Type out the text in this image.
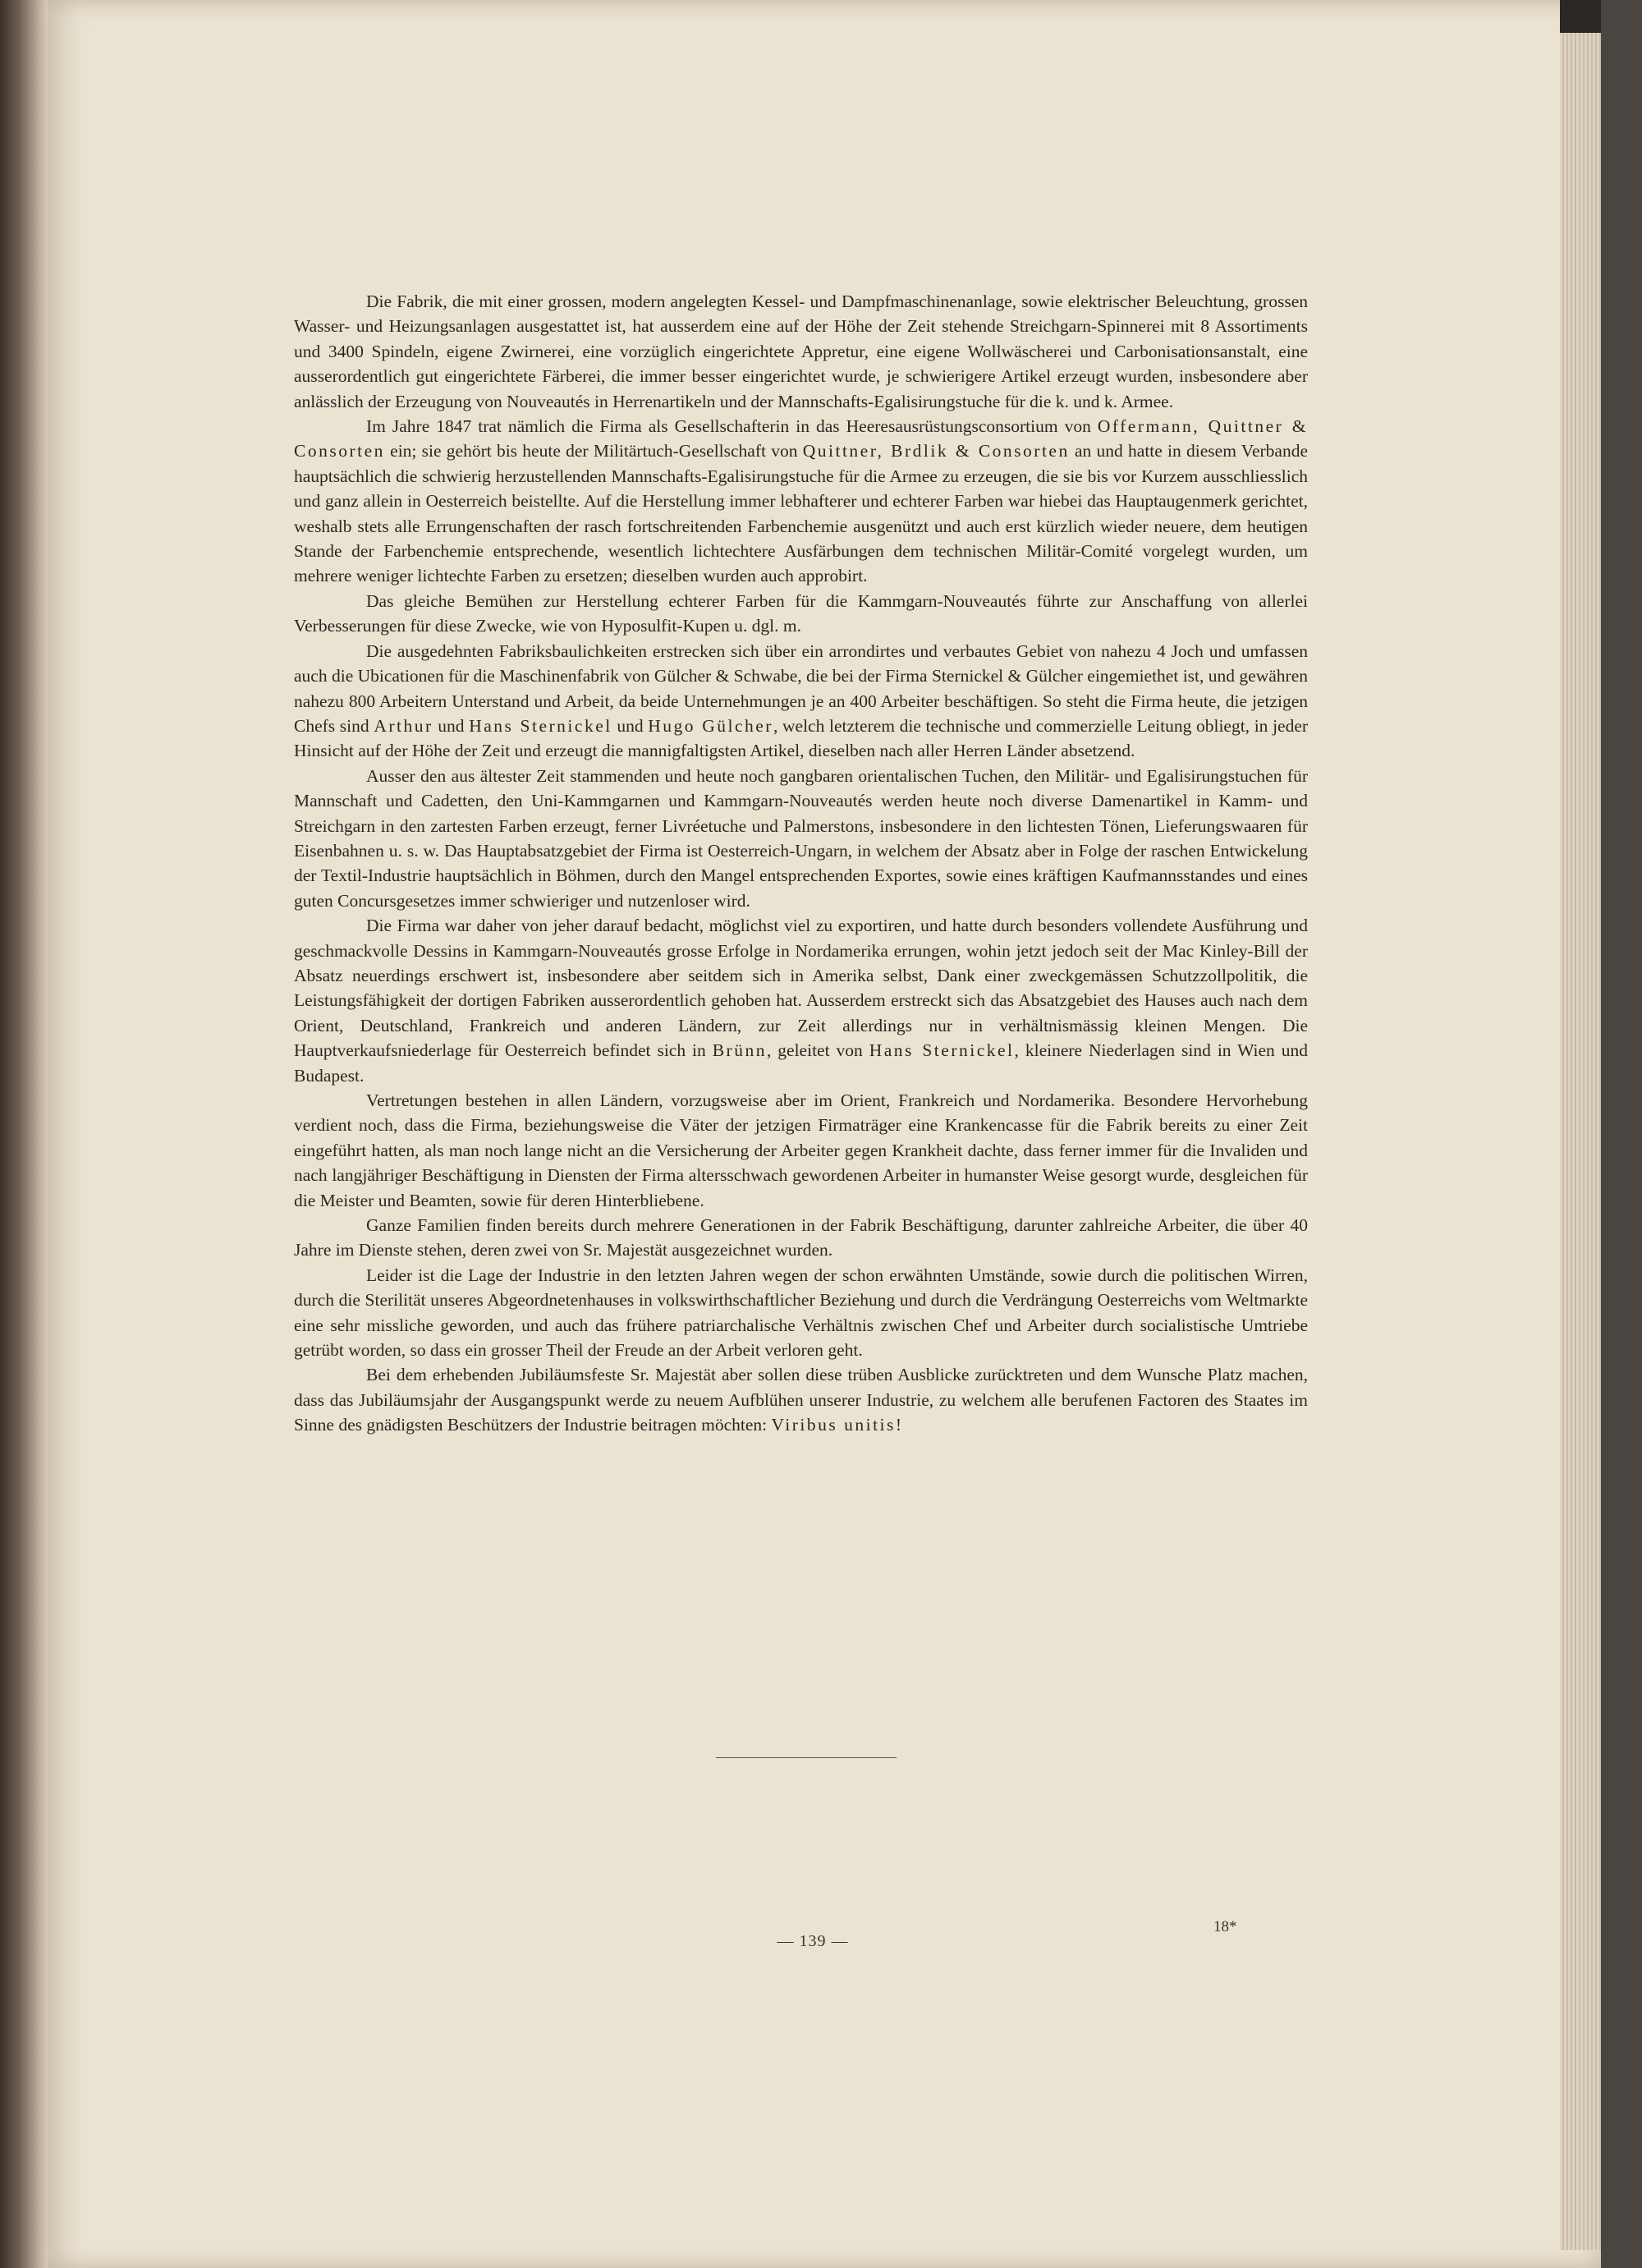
Die Fabrik, die mit einer grossen, modern angelegten Kessel- und Dampfmaschinenanlage, sowie elektrischer Beleuchtung, grossen Wasser- und Heizungsanlagen ausgestattet ist, hat ausserdem eine auf der Höhe der Zeit stehende Streichgarn-Spinnerei mit 8 Assortiments und 3400 Spindeln, eigene Zwirnerei, eine vorzüglich eingerichtete Appretur, eine eigene Wollwäscherei und Carbonisationsanstalt, eine ausserordentlich gut eingerichtete Färberei, die immer besser eingerichtet wurde, je schwierigere Artikel erzeugt wurden, insbesondere aber anlässlich der Erzeugung von Nouveautés in Herrenartikeln und der Mannschafts-Egalisirungstuche für die k. und k. Armee.

Im Jahre 1847 trat nämlich die Firma als Gesellschafterin in das Heeresausrüstungsconsortium von Offermann, Quittner & Consorten ein; sie gehört bis heute der Militärtuch-Gesellschaft von Quittner, Brdlik & Consorten an und hatte in diesem Verbande hauptsächlich die schwierig herzustellenden Mannschafts-Egalisirungstuche für die Armee zu erzeugen, die sie bis vor Kurzem ausschliesslich und ganz allein in Oesterreich beistellte. Auf die Herstellung immer lebhafterer und echterer Farben war hiebei das Hauptaugenmerk gerichtet, weshalb stets alle Errungenschaften der rasch fortschreitenden Farbenchemie ausgenützt und auch erst kürzlich wieder neuere, dem heutigen Stande der Farbenchemie entsprechende, wesentlich lichtechtere Ausfärbungen dem technischen Militär-Comité vorgelegt wurden, um mehrere weniger lichtechte Farben zu ersetzen; dieselben wurden auch approbirt.

Das gleiche Bemühen zur Herstellung echterer Farben für die Kammgarn-Nouveautés führte zur Anschaffung von allerlei Verbesserungen für diese Zwecke, wie von Hyposulfit-Kupen u. dgl. m.

Die ausgedehnten Fabriksbaulichkeiten erstrecken sich über ein arrondirtes und verbautes Gebiet von nahezu 4 Joch und umfassen auch die Ubicationen für die Maschinenfabrik von Gülcher & Schwabe, die bei der Firma Sternickel & Gülcher eingemiethet ist, und gewähren nahezu 800 Arbeitern Unterstand und Arbeit, da beide Unternehmungen je an 400 Arbeiter beschäftigen. So steht die Firma heute, die jetzigen Chefs sind Arthur und Hans Sternickel und Hugo Gülcher, welch letzterem die technische und commerzielle Leitung obliegt, in jeder Hinsicht auf der Höhe der Zeit und erzeugt die mannigfaltigsten Artikel, dieselben nach aller Herren Länder absetzend.

Ausser den aus ältester Zeit stammenden und heute noch gangbaren orientalischen Tuchen, den Militär- und Egalisirungstuchen für Mannschaft und Cadetten, den Uni-Kammgarnen und Kammgarn-Nouveautés werden heute noch diverse Damenartikel in Kamm- und Streichgarn in den zartesten Farben erzeugt, ferner Livréetuche und Palmerstons, insbesondere in den lichtesten Tönen, Lieferungswaaren für Eisenbahnen u. s. w. Das Hauptabsatzgebiet der Firma ist Oesterreich-Ungarn, in welchem der Absatz aber in Folge der raschen Entwickelung der Textil-Industrie hauptsächlich in Böhmen, durch den Mangel entsprechenden Exportes, sowie eines kräftigen Kaufmannsstandes und eines guten Concursgesetzes immer schwieriger und nutzenloser wird.

Die Firma war daher von jeher darauf bedacht, möglichst viel zu exportiren, und hatte durch besonders vollendete Ausführung und geschmackvolle Dessins in Kammgarn-Nouveautés grosse Erfolge in Nordamerika errungen, wohin jetzt jedoch seit der Mac Kinley-Bill der Absatz neuerdings erschwert ist, insbesondere aber seitdem sich in Amerika selbst, Dank einer zweckgemässen Schutzzollpolitik, die Leistungsfähigkeit der dortigen Fabriken ausserordentlich gehoben hat. Ausserdem erstreckt sich das Absatzgebiet des Hauses auch nach dem Orient, Deutschland, Frankreich und anderen Ländern, zur Zeit allerdings nur in verhältnismässig kleinen Mengen. Die Hauptverkaufsniederlage für Oesterreich befindet sich in Brünn, geleitet von Hans Sternickel, kleinere Niederlagen sind in Wien und Budapest.

Vertretungen bestehen in allen Ländern, vorzugsweise aber im Orient, Frankreich und Nordamerika. Besondere Hervorhebung verdient noch, dass die Firma, beziehungsweise die Väter der jetzigen Firmaträger eine Krankencasse für die Fabrik bereits zu einer Zeit eingeführt hatten, als man noch lange nicht an die Versicherung der Arbeiter gegen Krankheit dachte, dass ferner immer für die Invaliden und nach langjähriger Beschäftigung in Diensten der Firma altersschwach gewordenen Arbeiter in humanster Weise gesorgt wurde, desgleichen für die Meister und Beamten, sowie für deren Hinterbliebene.

Ganze Familien finden bereits durch mehrere Generationen in der Fabrik Beschäftigung, darunter zahlreiche Arbeiter, die über 40 Jahre im Dienste stehen, deren zwei von Sr. Majestät ausgezeichnet wurden.

Leider ist die Lage der Industrie in den letzten Jahren wegen der schon erwähnten Umstände, sowie durch die politischen Wirren, durch die Sterilität unseres Abgeordnetenhauses in volkswirthschaftlicher Beziehung und durch die Verdrängung Oesterreichs vom Weltmarkte eine sehr missliche geworden, und auch das frühere patriarchalische Verhältnis zwischen Chef und Arbeiter durch socialistische Umtriebe getrübt worden, so dass ein grosser Theil der Freude an der Arbeit verloren geht.

Bei dem erhebenden Jubiläumsfeste Sr. Majestät aber sollen diese trüben Ausblicke zurücktreten und dem Wunsche Platz machen, dass das Jubiläumsjahr der Ausgangspunkt werde zu neuem Aufblühen unserer Industrie, zu welchem alle berufenen Factoren des Staates im Sinne des gnädigsten Beschützers der Industrie beitragen möchten: Viribus unitis!

— 139 —
18*
